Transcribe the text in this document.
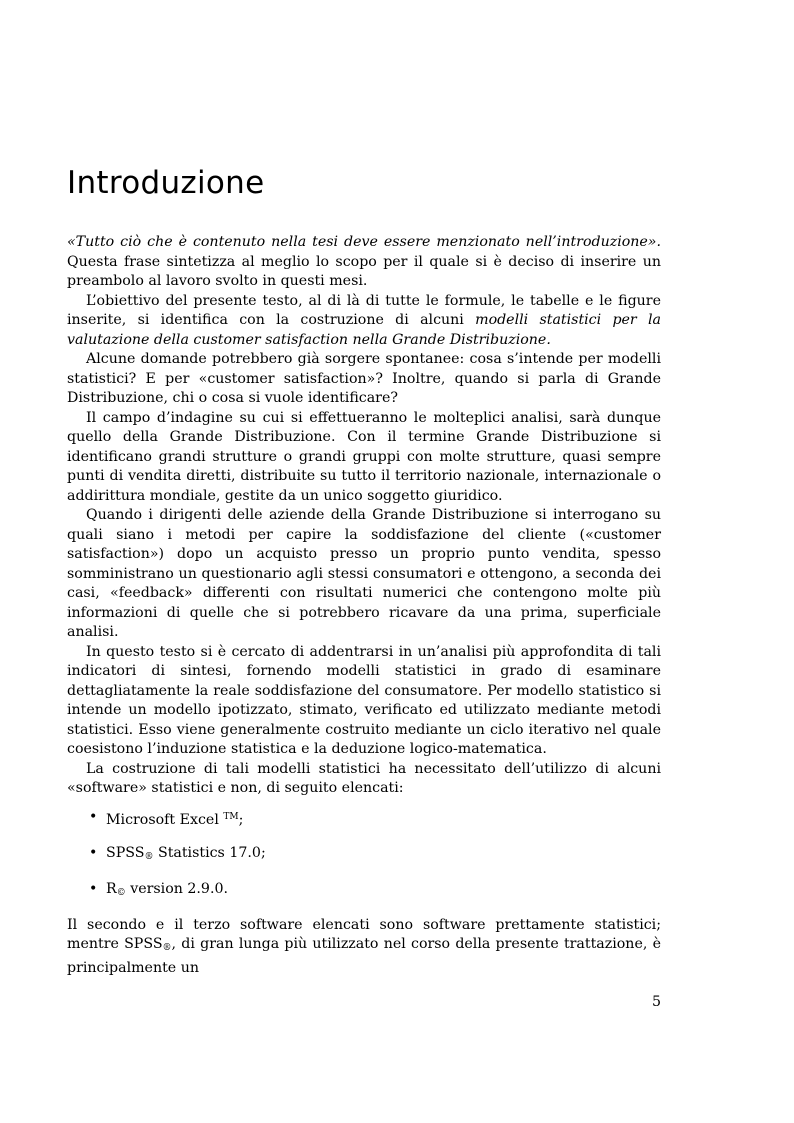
Introduzione

«Tutto ciò che è contenuto nella tesi deve essere menzionato nell’introduzione». Questa frase sintetizza al meglio lo scopo per il quale si è deciso di inserire un preambolo al lavoro svolto in questi mesi.

L’obiettivo del presente testo, al di là di tutte le formule, le tabelle e le figure inserite, si identifica con la costruzione di alcuni modelli statistici per la valutazione della customer satisfaction nella Grande Distribuzione.

Alcune domande potrebbero già sorgere spontanee: cosa s’intende per modelli statistici? E per «customer satisfaction»? Inoltre, quando si parla di Grande Distribuzione, chi o cosa si vuole identificare?

Il campo d’indagine su cui si effettueranno le molteplici analisi, sarà dunque quello della Grande Distribuzione. Con il termine Grande Distribuzione si identificano grandi strutture o grandi gruppi con molte strutture, quasi sempre punti di vendita diretti, distribuite su tutto il territorio nazionale, internazionale o addirittura mondiale, gestite da un unico soggetto giuridico.

Quando i dirigenti delle aziende della Grande Distribuzione si interrogano su quali siano i metodi per capire la soddisfazione del cliente («customer satisfaction») dopo un acquisto presso un proprio punto vendita, spesso somministrano un questionario agli stessi consumatori e ottengono, a seconda dei casi, «feedback» differenti con risultati numerici che contengono molte più informazioni di quelle che si potrebbero ricavare da una prima, superficiale analisi.

In questo testo si è cercato di addentrarsi in un’analisi più approfondita di tali indicatori di sintesi, fornendo modelli statistici in grado di esaminare dettagliatamente la reale soddisfazione del consumatore. Per modello statistico si intende un modello ipotizzato, stimato, verificato ed utilizzato mediante metodi statistici. Esso viene generalmente costruito mediante un ciclo iterativo nel quale coesistono l’induzione statistica e la deduzione logico-matematica.

La costruzione di tali modelli statistici ha necessitato dell’utilizzo di alcuni «software» statistici e non, di seguito elencati:

• Microsoft Excel ™;
• $SPSS_®$ Statistics 17.0;
• $R_©$ version 2.9.0.

Il secondo e il terzo software elencati sono software prettamente statistici; mentre $SPSS_®$, di gran lunga più utilizzato nel corso della presente trattazione, è principalmente un

5
